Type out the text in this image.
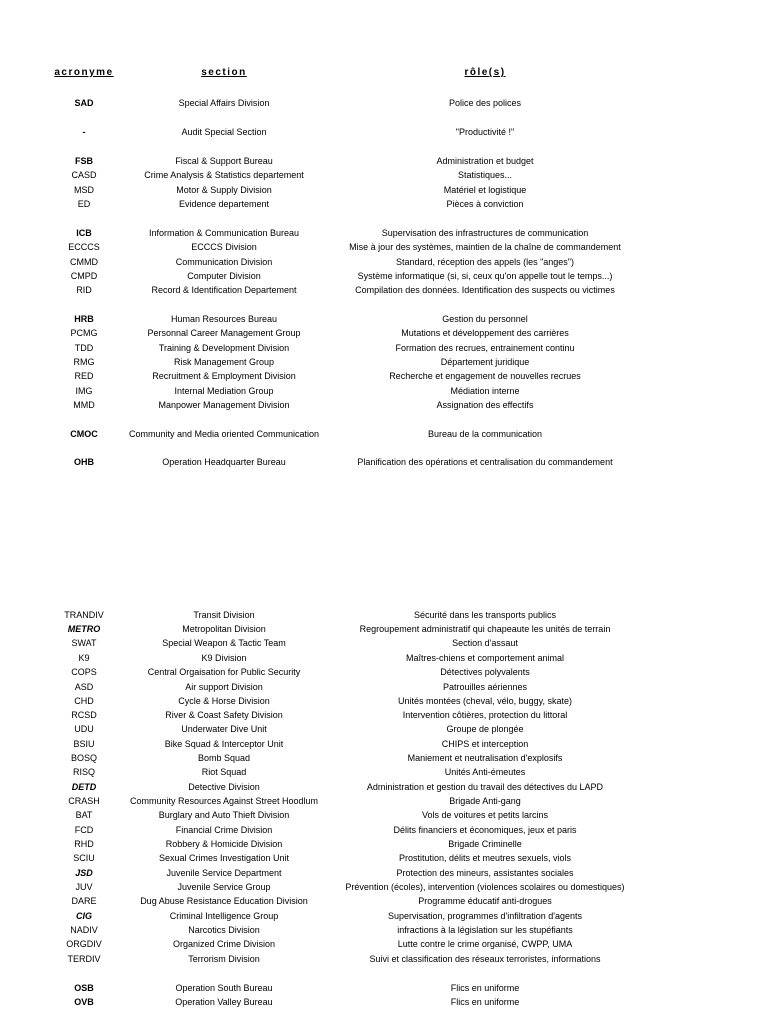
acronyme	section	rôle(s)
SAD	Special Affairs Division	Police des polices
-	Audit Special Section	"Productivité !"
FSB	Fiscal & Support Bureau	Administration et budget
CASD	Crime Analysis & Statistics departement	Statistiques...
MSD	Motor & Supply Division	Matériel et logistique
ED	Evidence departement	Pièces à conviction
ICB	Information & Communication Bureau	Supervisation des infrastructures de communication
ECCCS	ECCCS Division	Mise à jour des systèmes, maintien de la chaîne de commandement
CMMD	Communication Division	Standard, réception des appels (les "anges")
CMPD	Computer Division	Système informatique (si, si, ceux qu'on appelle tout le temps...)
RID	Record & Identification Departement	Compilation des données. Identification des suspects ou victimes
HRB	Human Resources Bureau	Gestion du personnel
PCMG	Personnal Career Management Group	Mutations et développement des carrières
TDD	Training & Development Division	Formation des recrues, entrainement continu
RMG	Risk Management Group	Département juridique
RED	Recruitment & Employment Division	Recherche et engagement de nouvelles recrues
IMG	Internal Mediation Group	Médiation interne
MMD	Manpower Management Division	Assignation des effectifs
CMOC	Community and Media oriented Communication	Bureau de la communication
OHB	Operation Headquarter Bureau	Planification des opérations et centralisation du commandement
TRANDIV	Transit Division	Sécurité dans les transports publics
METRO	Metropolitan Division	Regroupement administratif qui chapeaute les unités de terrain
SWAT	Special Weapon & Tactic Team	Section d'assaut
K9	K9 Division	Maîtres-chiens et comportement animal
COPS	Central Orgaisation for Public Security	Détectives polyvalents
ASD	Air support Division	Patrouilles aériennes
CHD	Cycle & Horse Division	Unités montées (cheval, vélo, buggy, skate)
RCSD	River & Coast Safety Division	Intervention côtières, protection du littoral
UDU	Underwater Dive Unit	Groupe de plongée
BSIU	Bike Squad & Interceptor Unit	CHIPS et interception
BOSQ	Bomb Squad	Maniement et neutralisation d'explosifs
RISQ	Riot Squad	Unités Anti-émeutes
DETD	Detective Division	Administration et gestion du travail des détectives du LAPD
CRASH	Community Resources Against Street Hoodlum	Brigade Anti-gang
BAT	Burglary and Auto Thieft Division	Vols de voitures et petits larcins
FCD	Financial Crime Division	Délits financiers et économiques, jeux et paris
RHD	Robbery & Homicide Division	Brigade Criminelle
SCIU	Sexual Crimes Investigation Unit	Prostitution, délits et meutres sexuels, viols
JSD	Juvenile Service Department	Protection des mineurs, assistantes sociales
JUV	Juvenile Service Group	Prévention (écoles), intervention (violences scolaires ou domestiques)
DARE	Dug Abuse Resistance Education Division	Programme éducatif anti-drogues
CIG	Criminal Intelligence Group	Supervisation, programmes d'infiltration d'agents
NADIV	Narcotics Division	infractions à la législation sur les stupéfiants
ORGDIV	Organized Crime Division	Lutte contre le crime organisé, CWPP, UMA
TERDIV	Terrorism Division	Suivi et classification des réseaux terroristes, informations
OSB	Operation South Bureau	Flics en uniforme
OVB	Operation Valley Bureau	Flics en uniforme
